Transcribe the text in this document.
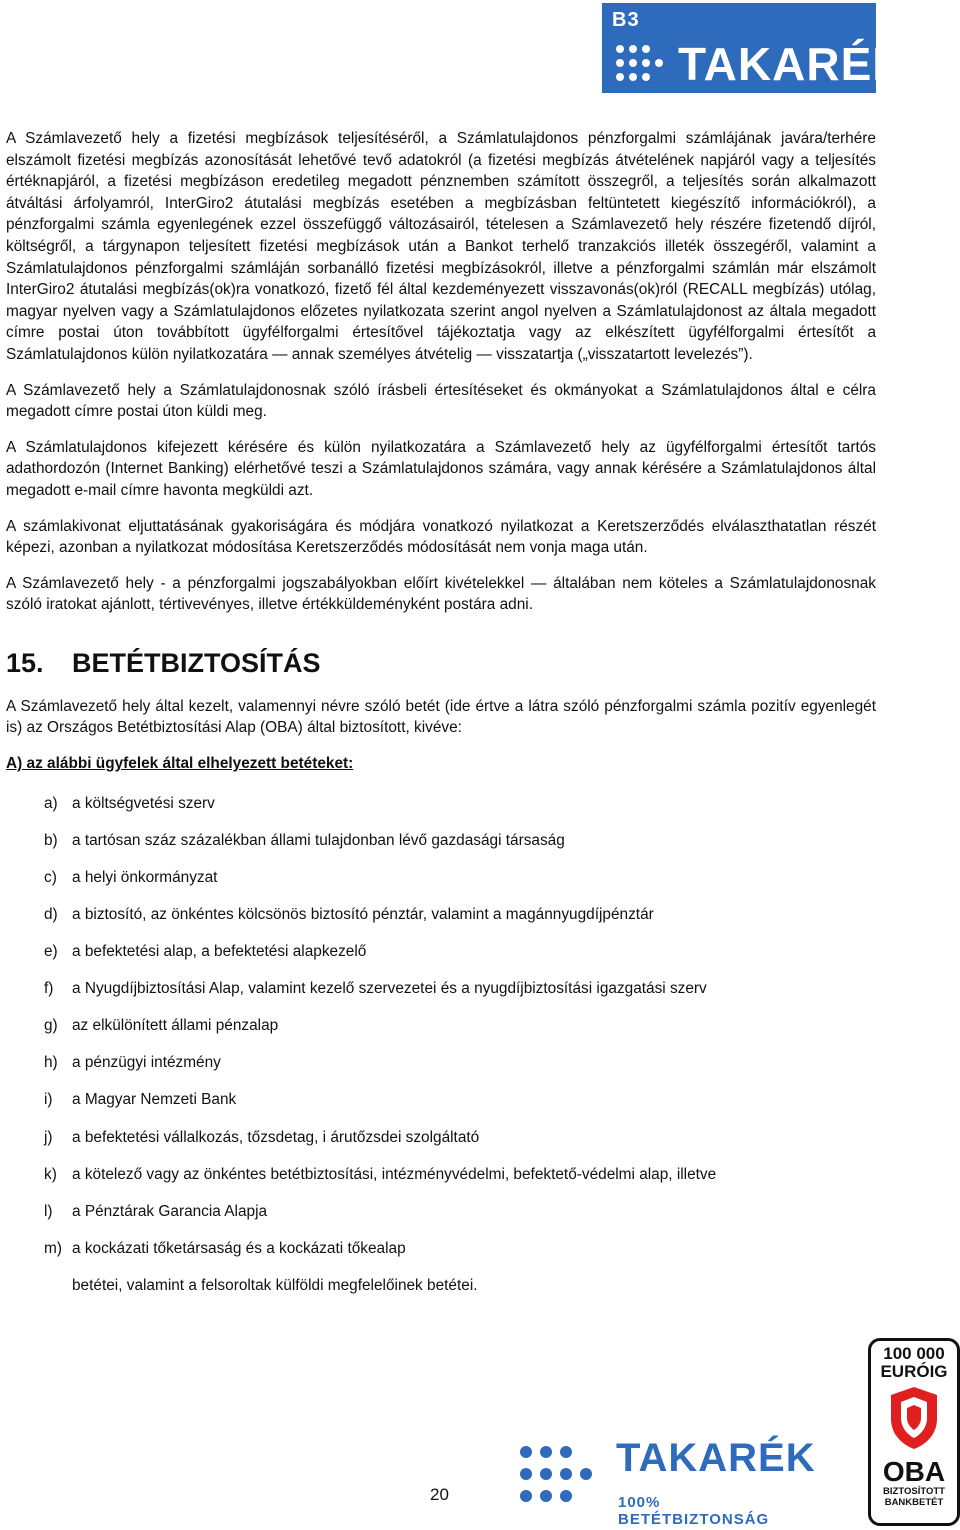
B3
TAKARÉK

A Számlavezető hely a fizetési megbízások teljesítéséről, a Számlatulajdonos pénzforgalmi számlájának javára/terhére elszámolt fizetési megbízás azonosítását lehetővé tevő adatokról (a fizetési megbízás átvételének napjáról vagy a teljesítés értéknapjáról, a fizetési megbízáson eredetileg megadott pénznemben számított összegről, a teljesítés során alkalmazott átváltási árfolyamról, InterGiro2 átutalási megbízás esetében a megbízásban feltüntetett kiegészítő információkról), a pénzforgalmi számla egyenlegének ezzel összefüggő változásairól, tételesen a Számlavezető hely részére fizetendő díjról, költségről, a tárgynapon teljesített fizetési megbízások után a Bankot terhelő tranzakciós illeték összegéről, valamint a Számlatulajdonos pénzforgalmi számláján sorbanálló fizetési megbízásokról, illetve a pénzforgalmi számlán már elszámolt InterGiro2 átutalási megbízás(ok)ra vonatkozó, fizető fél által kezdeményezett visszavonás(ok)ról (RECALL megbízás) utólag, magyar nyelven vagy a Számlatulajdonos előzetes nyilatkozata szerint angol nyelven a Számlatulajdonost az általa megadott címre postai úton továbbított ügyfélforgalmi értesítővel tájékoztatja vagy az elkészített ügyfélforgalmi értesítőt a Számlatulajdonos külön nyilatkozatára — annak személyes átvételig — visszatartja („visszatartott levelezés”).

A Számlavezető hely a Számlatulajdonosnak szóló írásbeli értesítéseket és okmányokat a Számlatulajdonos által e célra megadott címre postai úton küldi meg.

A Számlatulajdonos kifejezett kérésére és külön nyilatkozatára a Számlavezető hely az ügyfélforgalmi értesítőt tartós adathordozón (Internet Banking) elérhetővé teszi a Számlatulajdonos számára, vagy annak kérésére a Számlatulajdonos által megadott e-mail címre havonta megküldi azt.

A számlakivonat eljuttatásának gyakoriságára és módjára vonatkozó nyilatkozat a Keretszerződés elválaszthatatlan részét képezi, azonban a nyilatkozat módosítása Keretszerződés módosítását nem vonja maga után.

A Számlavezető hely - a pénzforgalmi jogszabályokban előírt kivételekkel — általában nem köteles a Számlatulajdonosnak szóló iratokat ajánlott, tértivevényes, illetve értékküldeményként postára adni.

15. BETÉTBIZTOSÍTÁS

A Számlavezető hely által kezelt, valamennyi névre szóló betét (ide értve a látra szóló pénzforgalmi számla pozitív egyenlegét is) az Országos Betétbiztosítási Alap (OBA) által biztosított, kivéve:

A) az alábbi ügyfelek által elhelyezett betéteket:
a) a költségvetési szerv
b) a tartósan száz százalékban állami tulajdonban lévő gazdasági társaság
c) a helyi önkormányzat
d) a biztosító, az önkéntes kölcsönös biztosító pénztár, valamint a magánnyugdíjpénztár
e) a befektetési alap, a befektetési alapkezelő
f)	a Nyugdíjbiztosítási Alap, valamint kezelő szervezetei és a nyugdíjbiztosítási igazgatási szerv
g) az elkülönített állami pénzalap
h) a pénzügyi intézmény
i)	a Magyar Nemzeti Bank
j)	a befektetési vállalkozás, tőzsdetag, i árutőzsdei szolgáltató
k) a kötelező vagy az önkéntes betétbiztosítási, intézményvédelmi, befektető-védelmi alap, illetve
l)	a Pénztárak Garancia Alapja
m) a kockázati tőketársaság és a kockázati tőkealap
betétei, valamint a felsoroltak külföldi megfelelőinek betétei.
TAKARÉK
100% BETÉTBIZTONSÁG
20
100 000
EURÓIG
OBA
BIZTOSÍTOTT
BANKBETÉT
